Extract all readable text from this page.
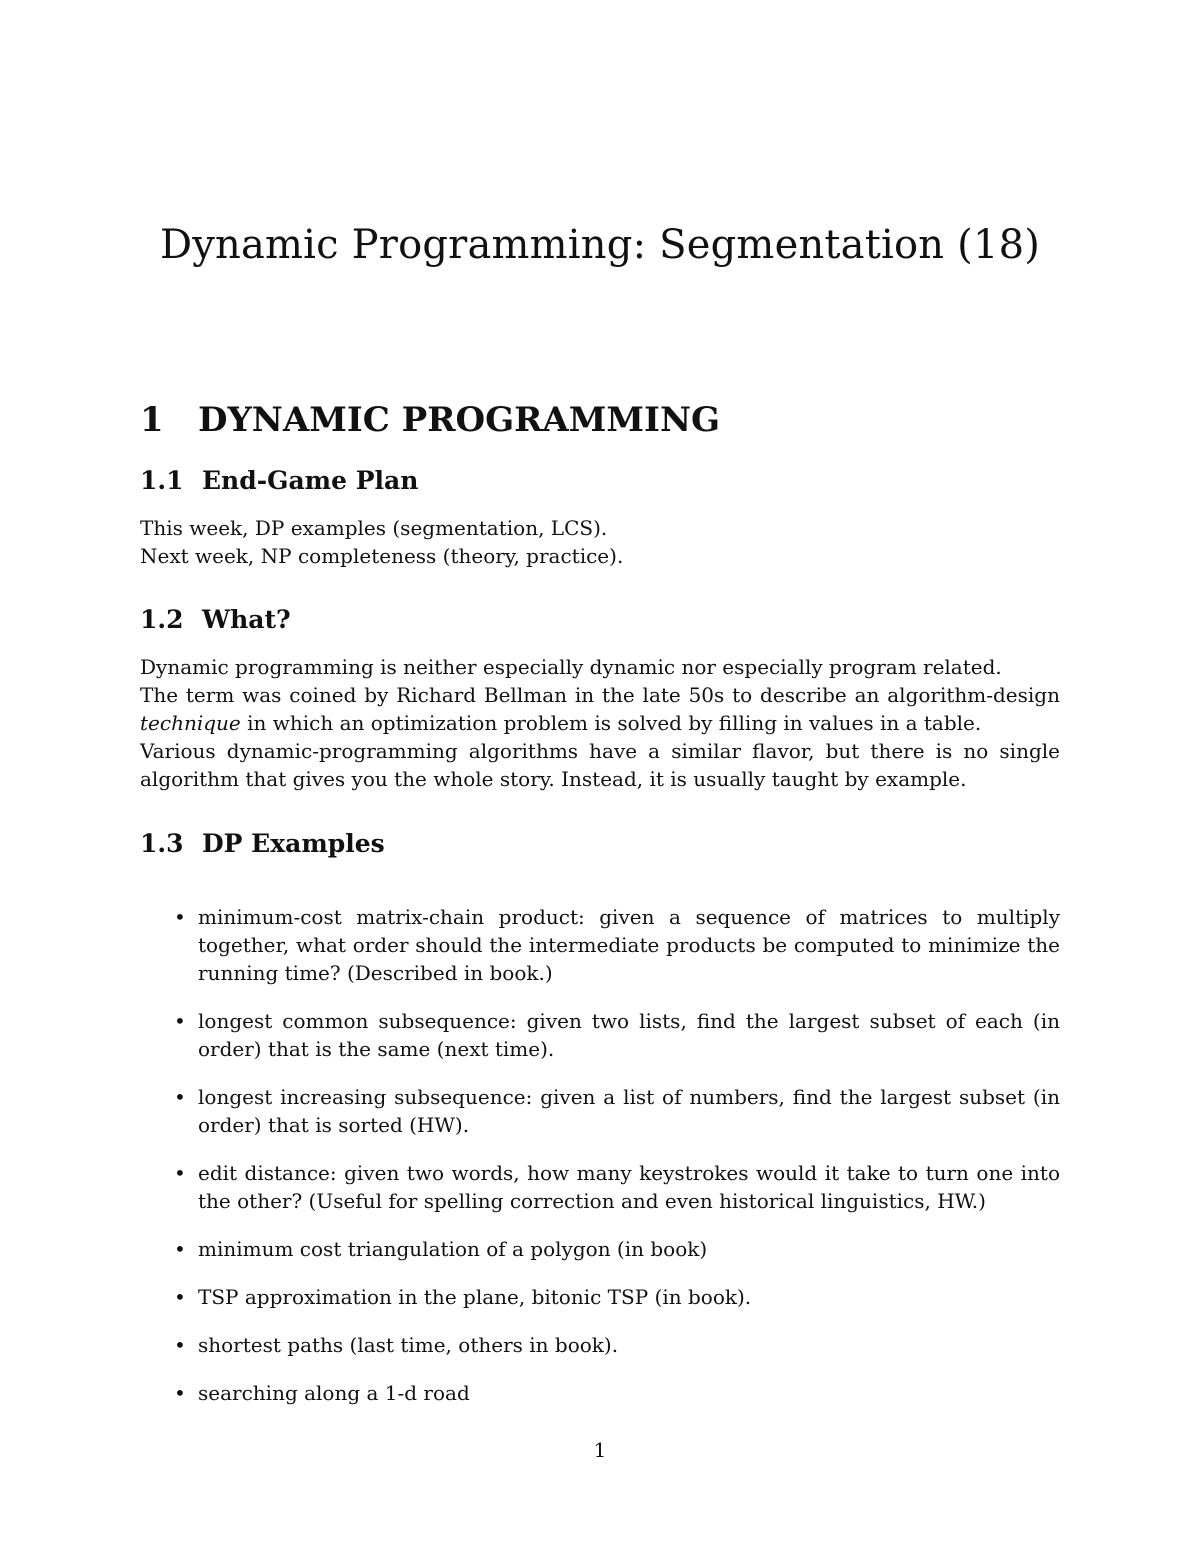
Dynamic Programming: Segmentation (18)
1 DYNAMIC PROGRAMMING
1.1 End-Game Plan

This week, DP examples (segmentation, LCS).

Next week, NP completeness (theory, practice).

1.2 What?

Dynamic programming is neither especially dynamic nor especially program related.

The term was coined by Richard Bellman in the late 50s to describe an algorithm-design technique in which an optimization problem is solved by filling in values in a table.

Various dynamic-programming algorithms have a similar flavor, but there is no single algorithm that gives you the whole story. Instead, it is usually taught by example.

1.3 DP Examples
• minimum-cost matrix-chain product: given a sequence of matrices to multiply together, what order should the intermediate products be computed to minimize the running time? (Described in book.)
• longest common subsequence: given two lists, find the largest subset of each (in order) that is the same (next time).
• longest increasing subsequence: given a list of numbers, find the largest subset (in order) that is sorted (HW).
• edit distance: given two words, how many keystrokes would it take to turn one into the other? (Useful for spelling correction and even historical linguistics, HW.)
• minimum cost triangulation of a polygon (in book)
• TSP approximation in the plane, bitonic TSP (in book).
• shortest paths (last time, others in book).
• searching along a 1-d road
1
